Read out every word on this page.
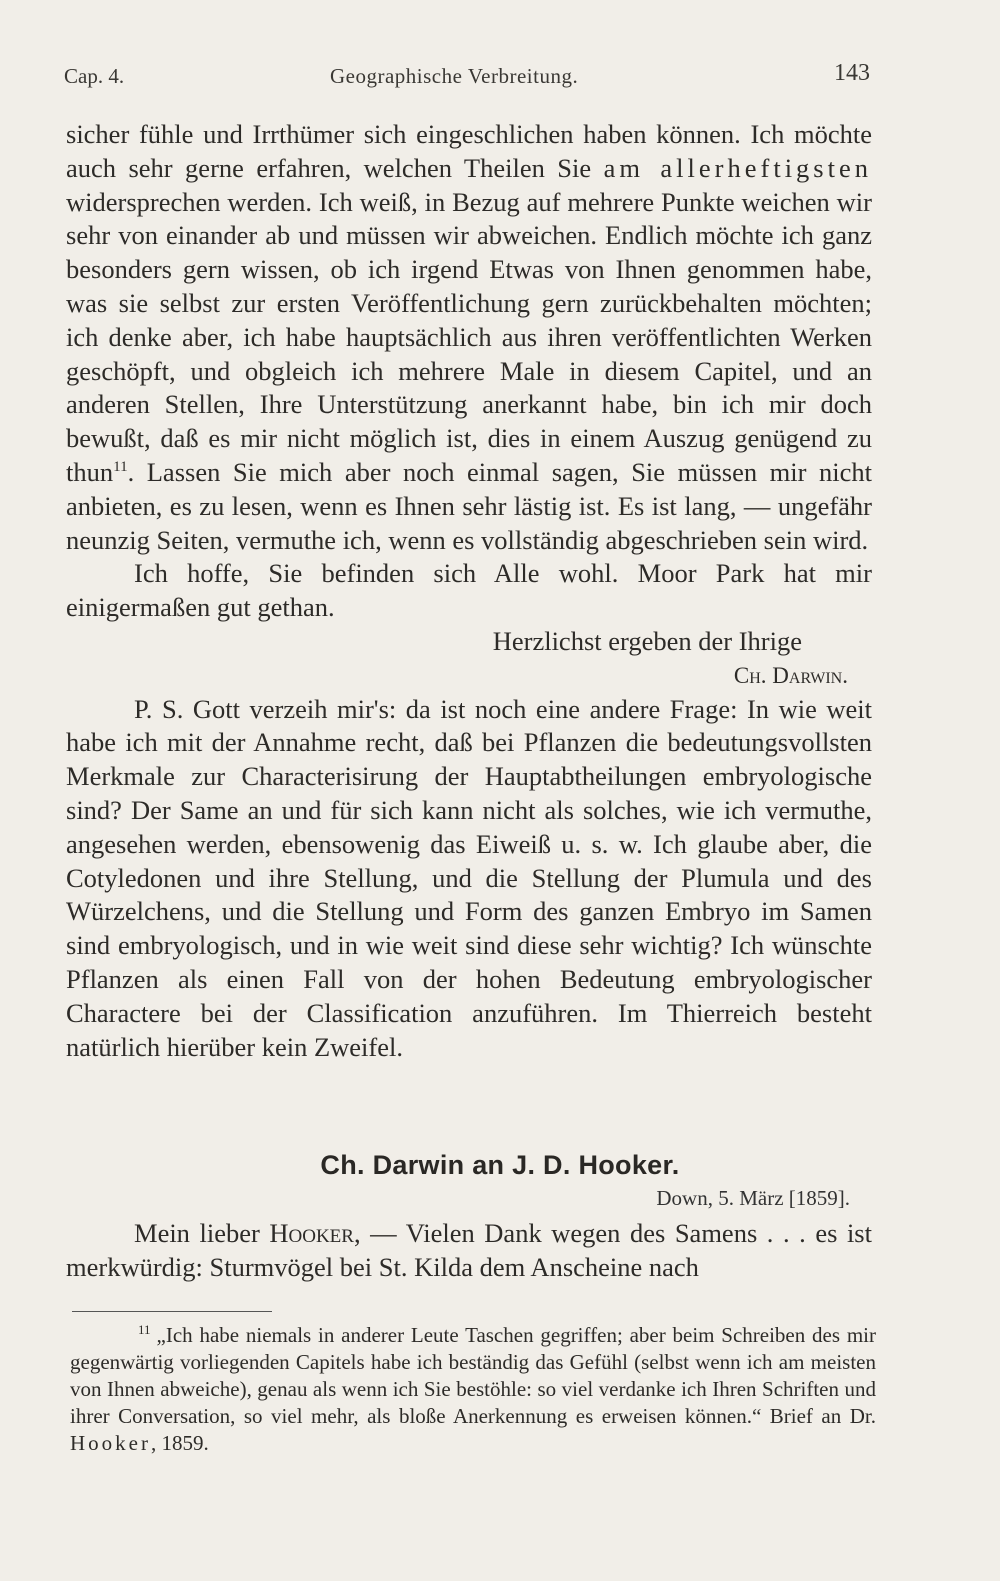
Cap. 4.	Geographische Verbreitung.	143

sicher fühle und Irrthümer sich eingeschlichen haben können. Ich möchte auch sehr gerne erfahren, welchen Theilen Sie am allerheftigsten widersprechen werden. Ich weiß, in Bezug auf mehrere Punkte weichen wir sehr von einander ab und müssen wir abweichen. Endlich möchte ich ganz besonders gern wissen, ob ich irgend Etwas von Ihnen genommen habe, was sie selbst zur ersten Veröffentlichung gern zurückbehalten möchten; ich denke aber, ich habe hauptsächlich aus ihren veröffentlichten Werken geschöpft, und obgleich ich mehrere Male in diesem Capitel, und an anderen Stellen, Ihre Unterstützung anerkannt habe, bin ich mir doch bewußt, daß es mir nicht möglich ist, dies in einem Auszug genügend zu thun$^{11}$. Lassen Sie mich aber noch einmal sagen, Sie müssen mir nicht anbieten, es zu lesen, wenn es Ihnen sehr lästig ist. Es ist lang, — ungefähr neunzig Seiten, vermuthe ich, wenn es vollständig abgeschrieben sein wird.

Ich hoffe, Sie befinden sich Alle wohl. Moor Park hat mir einigermaßen gut gethan.

Herzlichst ergeben der Ihrige

Ch. Darwin.

P. S. Gott verzeih mir's: da ist noch eine andere Frage: In wie weit habe ich mit der Annahme recht, daß bei Pflanzen die bedeutungsvollsten Merkmale zur Characterisirung der Hauptabtheilungen embryologische sind? Der Same an und für sich kann nicht als solches, wie ich vermuthe, angesehen werden, ebensowenig das Eiweiß u. s. w. Ich glaube aber, die Cotyledonen und ihre Stellung, und die Stellung der Plumula und des Würzelchens, und die Stellung und Form des ganzen Embryo im Samen sind embryologisch, und in wie weit sind diese sehr wichtig? Ich wünschte Pflanzen als einen Fall von der hohen Bedeutung embryologischer Charactere bei der Classification anzuführen. Im Thierreich besteht natürlich hierüber kein Zweifel.

Ch. Darwin an J. D. Hooker.
Down, 5. März [1859].

Mein lieber Hooker, — Vielen Dank wegen des Samens . . . es ist merkwürdig: Sturmvögel bei St. Kilda dem Anscheine nach

$^{11}$ „Ich habe niemals in anderer Leute Taschen gegriffen; aber beim Schreiben des mir gegenwärtig vorliegenden Capitels habe ich beständig das Gefühl (selbst wenn ich am meisten von Ihnen abweiche), genau als wenn ich Sie bestöhle: so viel verdanke ich Ihren Schriften und ihrer Conversation, so viel mehr, als bloße Anerkennung es erweisen können.“ Brief an Dr. Hooker, 1859.
